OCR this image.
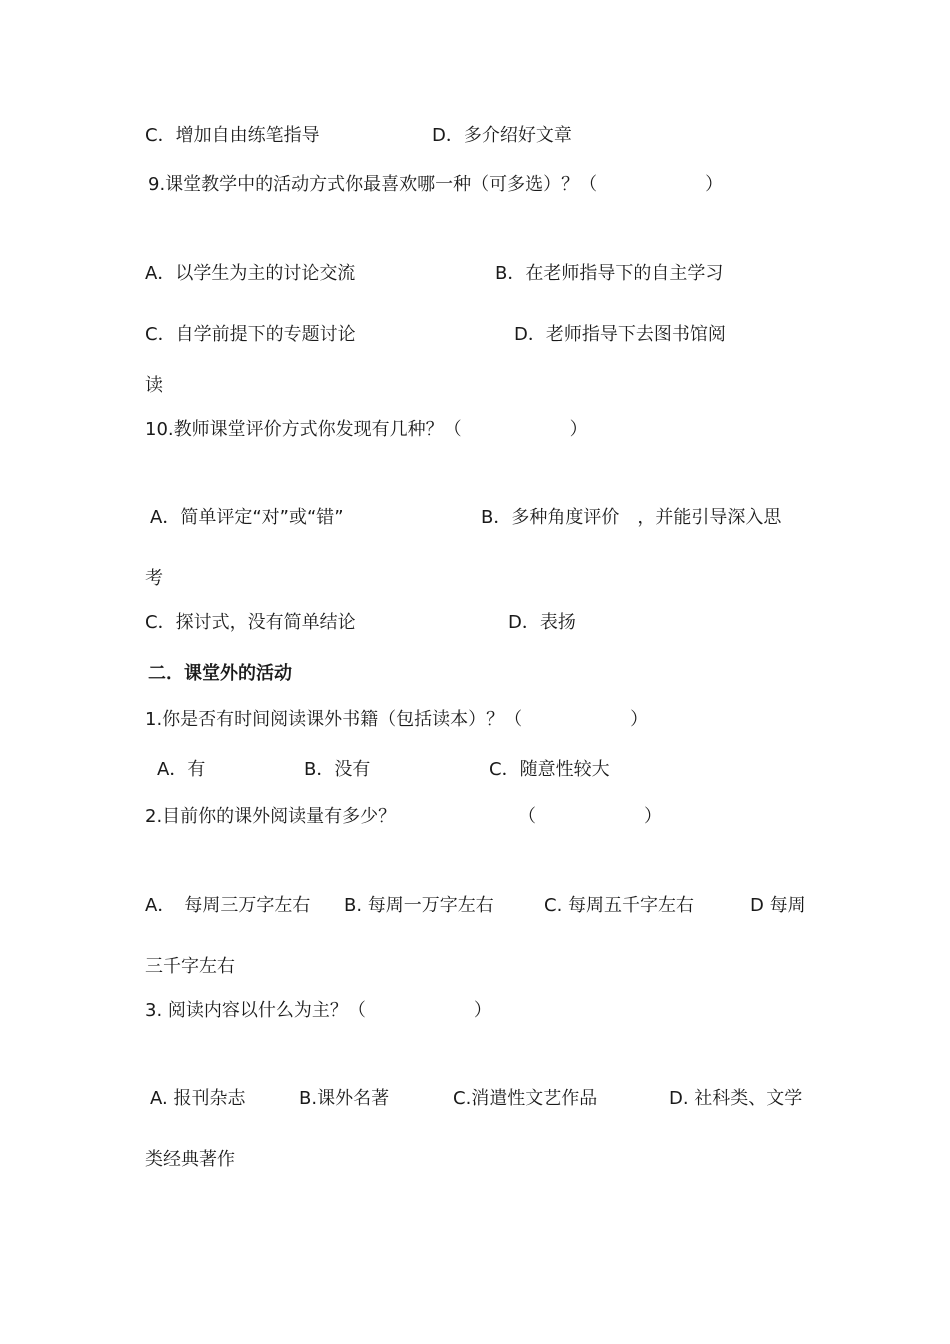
C．增加自由练笔指导	D．多介绍好文章
9.课堂教学中的活动方式你最喜欢哪一种（可多选）？（　　　　　　）
A．以学生为主的讨论交流	B．在老师指导下的自主学习
C．自学前提下的专题讨论	D．老师指导下去图书馆阅
读
10.教师课堂评价方式你发现有几种？（　　　　　　）
A．简单评定“对”或“错”	B．多种角度评价　，并能引导深入思
考
C．探讨式，没有简单结论	D．表扬
二．课堂外的活动
1.你是否有时间阅读课外书籍（包括读本）？（　　　　　　）
A．有	B．没有	C．随意性较大
2.目前你的课外阅读量有多少？	（　　　　　　）
A．　每周三万字左右 B. 每周一万字左右	C. 每周五千字左右	D 每周
三千字左右
3. 阅读内容以什么为主？（　　　　　　）
A. 报刊杂志	B.课外名著	C.消遣性文艺作品	D. 社科类、文学
类经典著作
